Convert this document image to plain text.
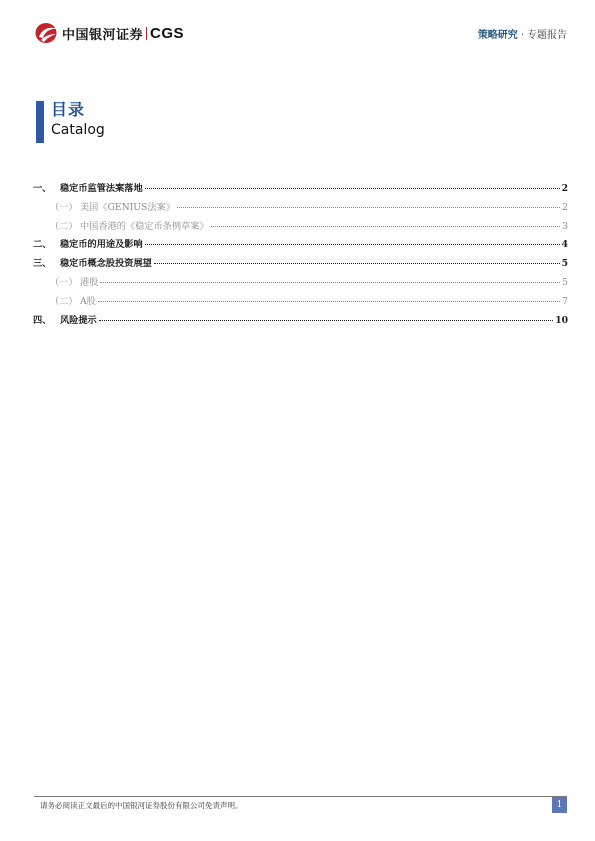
中国银河证券 CGS	策略研究 · 专题报告
目录
Catalog
一、 稳定币监管法案落地	2
（一） 美国《GENIUS法案》	2
（二） 中国香港的《稳定币条例草案》	3
二、 稳定币的用途及影响	4
三、 稳定币概念股投资展望	5
（一） 港股	5
（二） A股	7
四、 风险提示	10
请务必阅读正文最后的中国银河证券股份有限公司免责声明。	1
